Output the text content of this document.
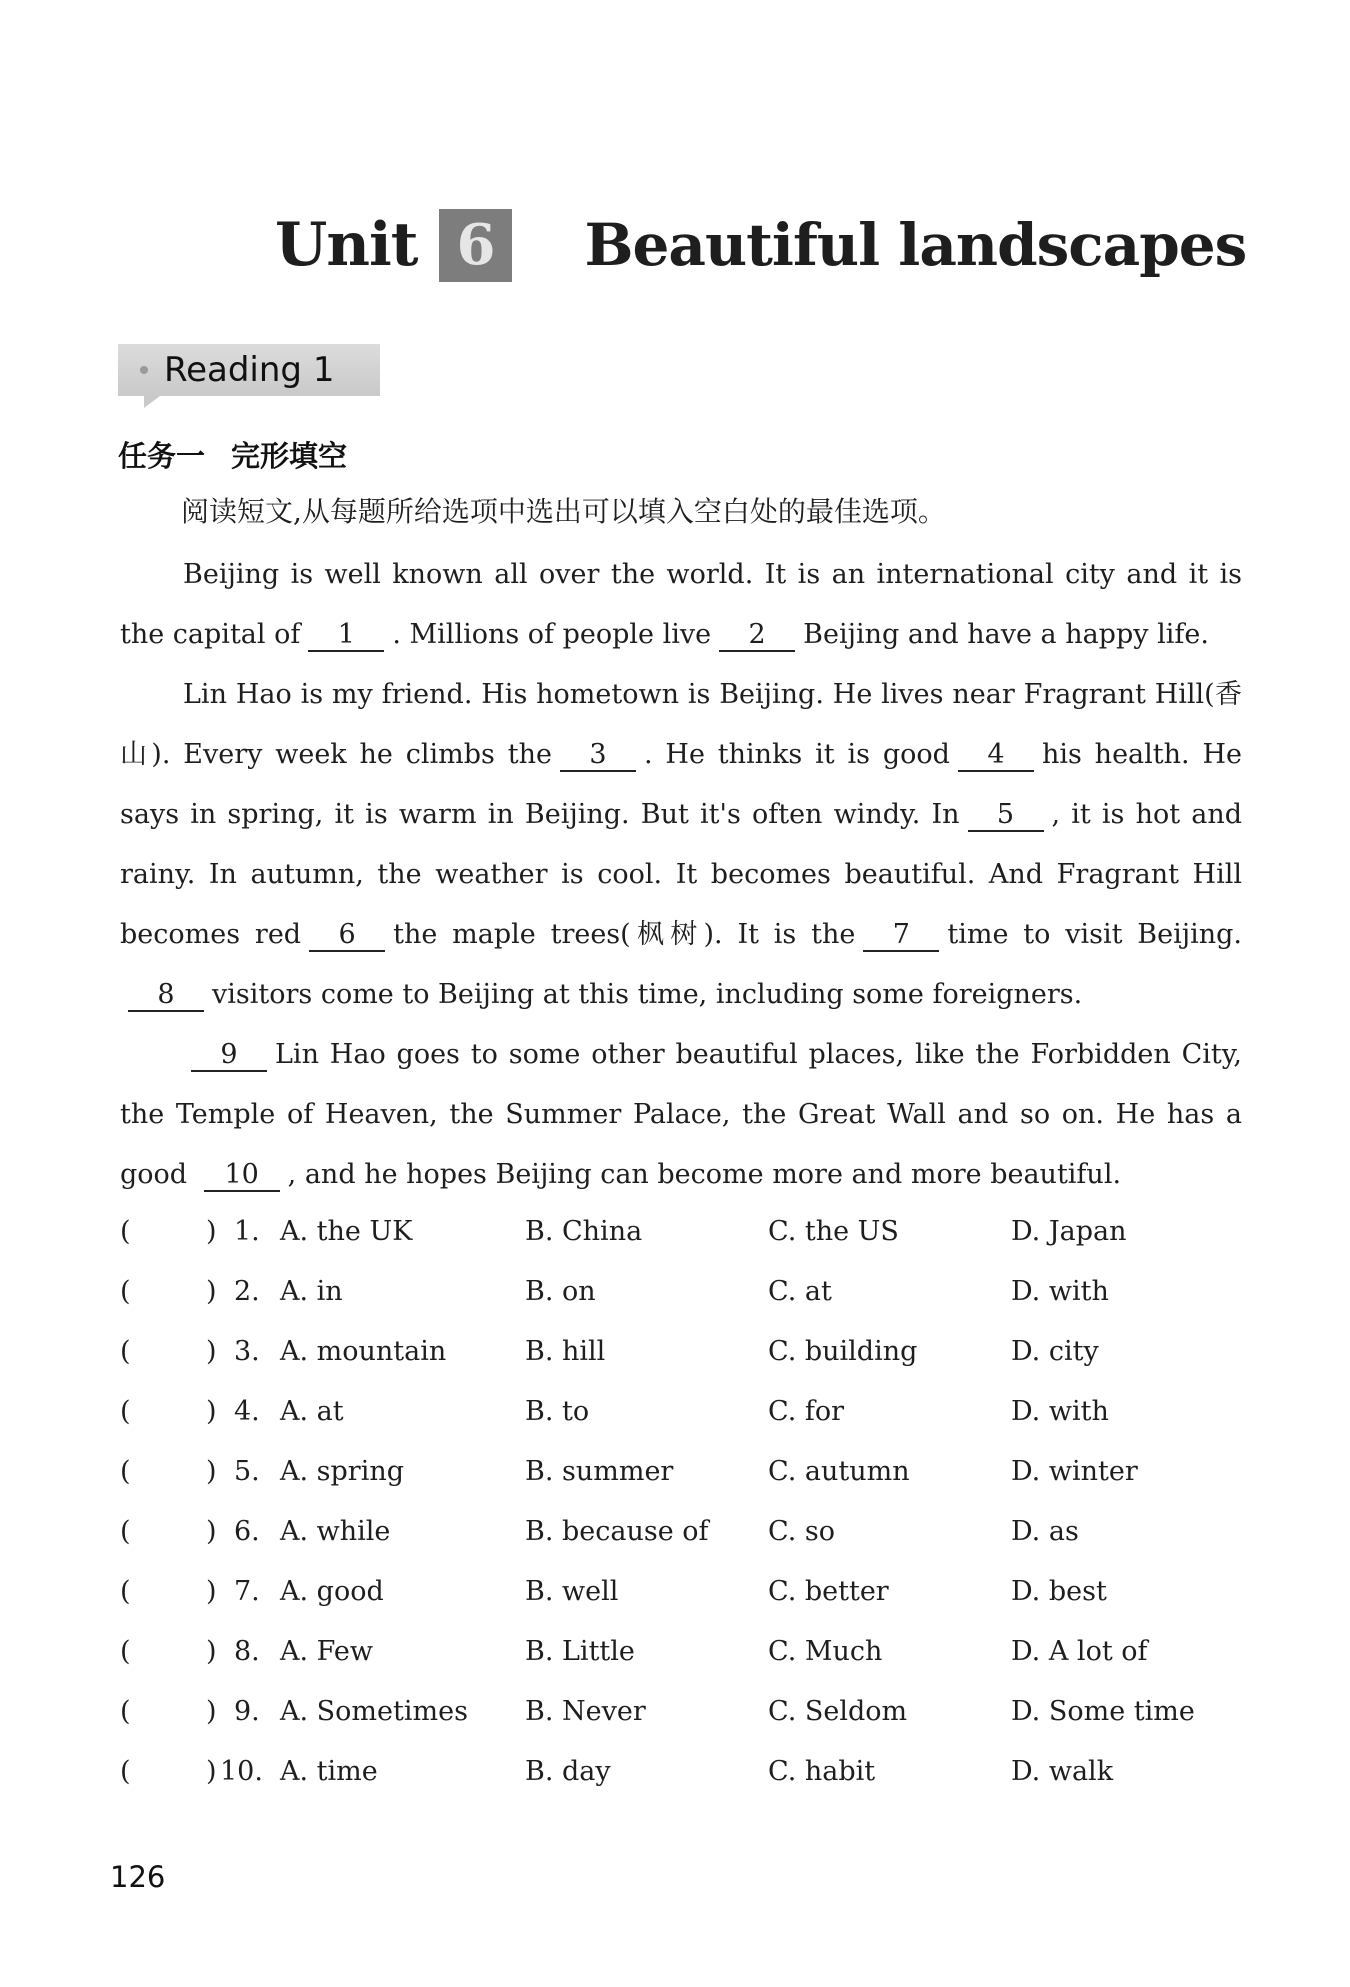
Unit 6 Beautiful landscapes
Reading 1
任务一 完形填空
阅读短文,从每题所给选项中选出可以填入空白处的最佳选项。

Beijing is well known all over the world. It is an international city and it is the capital of 1 . Millions of people live 2 Beijing and have a happy life.

Lin Hao is my friend. His hometown is Beijing. He lives near Fragrant Hill(香山). Every week he climbs the 3 . He thinks it is good 4 his health. He says in spring, it is warm in Beijing. But it's often windy. In 5 , it is hot and rainy. In autumn, the weather is cool. It becomes beautiful. And Fragrant Hill becomes red 6 the maple trees(枫树). It is the 7 time to visit Beijing.8 visitors come to Beijing at this time, including some foreigners.

9 Lin Hao goes to some other beautiful places, like the Forbidden City, the Temple of Heaven, the Summer Palace, the Great Wall and so on. He has a good 10 , and he hopes Beijing can become more and more beautiful.

(	) 1. A. the UK	B. China	C. the US	D. Japan
(	) 2. A. in	B. on	C. at	D. with
(	) 3. A. mountain	B. hill	C. building	D. city
(	) 4. A. at	B. to	C. for	D. with
(	) 5. A. spring	B. summer	C. autumn	D. winter
(	) 6. A. while	B. because of C. so	D. as
(	) 7. A. good	B. well	C. better	D. best
(	) 8. A. Few	B. Little	C. Much	D. A lot of
(	) 9. A. Sometimes B. Never	C. Seldom	D. Some time
(	) 10. A. time	B. day	C. habit	D. walk
126
